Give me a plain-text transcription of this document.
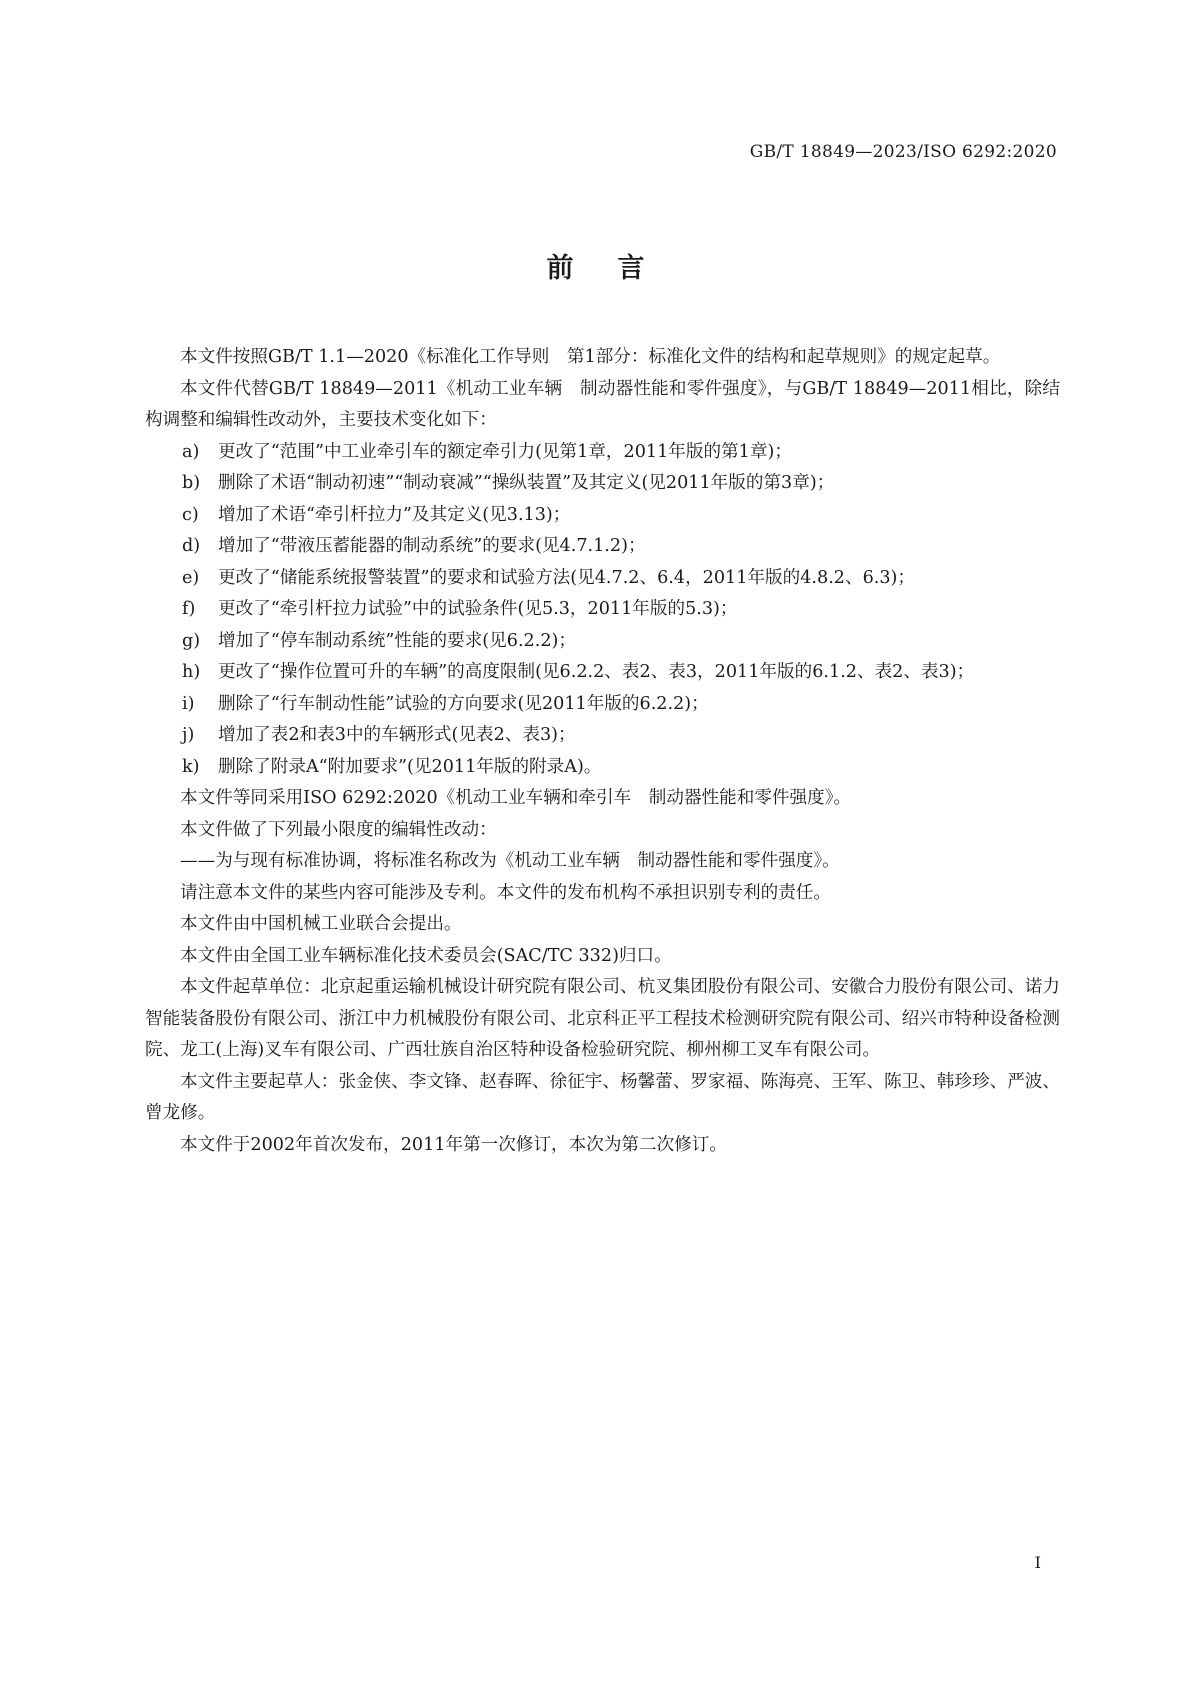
GB/T 18849—2023/ISO 6292:2020
前言

本文件按照GB/T 1.1—2020《标准化工作导则　第1部分：标准化文件的结构和起草规则》的规定起草。

本文件代替GB/T 18849—2011《机动工业车辆　制动器性能和零件强度》，与GB/T 18849—2011相比，除结构调整和编辑性改动外，主要技术变化如下：

a) 更改了“范围”中工业牵引车的额定牵引力(见第1章，2011年版的第1章)；
b) 删除了术语“制动初速”“制动衰减”“操纵装置”及其定义(见2011年版的第3章)；
c) 增加了术语“牵引杆拉力”及其定义(见3.13)；
d) 增加了“带液压蓄能器的制动系统”的要求(见4.7.1.2)；
e) 更改了“储能系统报警装置”的要求和试验方法(见4.7.2、6.4，2011年版的4.8.2、6.3)；
f) 更改了“牵引杆拉力试验”中的试验条件(见5.3，2011年版的5.3)；
g) 增加了“停车制动系统”性能的要求(见6.2.2)；
h) 更改了“操作位置可升的车辆”的高度限制(见6.2.2、表2、表3，2011年版的6.1.2、表2、表3)；
i) 删除了“行车制动性能”试验的方向要求(见2011年版的6.2.2)；
j) 增加了表2和表3中的车辆形式(见表2、表3)；
k) 删除了附录A“附加要求”(见2011年版的附录A)。

本文件等同采用ISO 6292:2020《机动工业车辆和牵引车　制动器性能和零件强度》。

本文件做了下列最小限度的编辑性改动：

——为与现有标准协调，将标准名称改为《机动工业车辆　制动器性能和零件强度》。

请注意本文件的某些内容可能涉及专利。本文件的发布机构不承担识别专利的责任。

本文件由中国机械工业联合会提出。

本文件由全国工业车辆标准化技术委员会(SAC/TC 332)归口。

本文件起草单位：北京起重运输机械设计研究院有限公司、杭叉集团股份有限公司、安徽合力股份有限公司、诺力智能装备股份有限公司、浙江中力机械股份有限公司、北京科正平工程技术检测研究院有限公司、绍兴市特种设备检测院、龙工(上海)叉车有限公司、广西壮族自治区特种设备检验研究院、柳州柳工叉车有限公司。

本文件主要起草人：张金侠、李文锋、赵春晖、徐征宇、杨馨蕾、罗家福、陈海亮、王军、陈卫、韩珍珍、严波、曾龙修。

本文件于2002年首次发布，2011年第一次修订，本次为第二次修订。

I
